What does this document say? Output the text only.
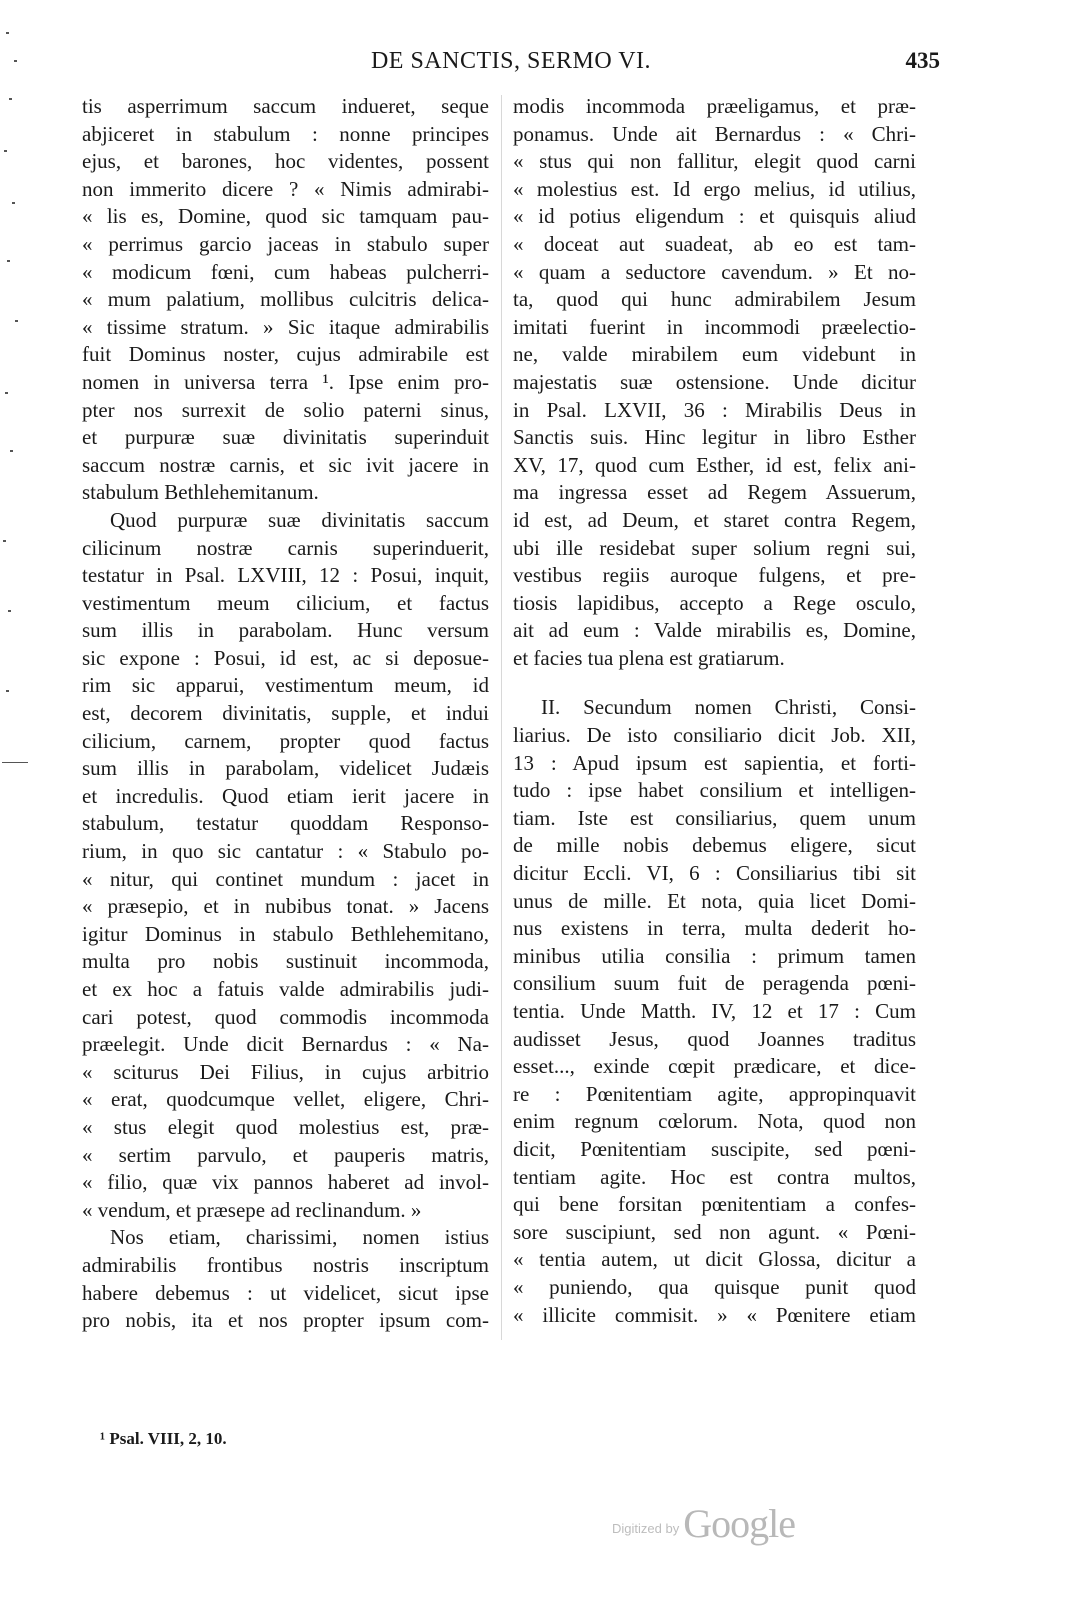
DE SANCTIS, SERMO VI.	435
tis asperrimum saccum indueret, seque
abjiceret in stabulum : nonne principes
ejus, et barones, hoc videntes, possent
non immerito dicere ? « Nimis admirabi-
« lis es, Domine, quod sic tamquam pau-
« perrimus garcio jaceas in stabulo super
« modicum fœni, cum habeas pulcherri-
« mum palatium, mollibus culcitris delica-
« tissime stratum. » Sic itaque admirabilis
fuit Dominus noster, cujus admirabile est
nomen in universa terra ¹. Ipse enim pro-
pter nos surrexit de solio paterni sinus,
et purpuræ suæ divinitatis superinduit
saccum nostræ carnis, et sic ivit jacere in
stabulum Bethlehemitanum.
Quod purpuræ suæ divinitatis saccum
cilicinum nostræ carnis superinduerit,
testatur in Psal. LXVIII, 12 : Posui, inquit,
vestimentum meum cilicium, et factus
sum illis in parabolam. Hunc versum
sic expone : Posui, id est, ac si deposue-
rim sic apparui, vestimentum meum, id
est, decorem divinitatis, supple, et indui
cilicium, carnem, propter quod factus
sum illis in parabolam, videlicet Judæis
et incredulis. Quod etiam ierit jacere in
stabulum, testatur quoddam Responso-
rium, in quo sic cantatur : « Stabulo po-
« nitur, qui continet mundum : jacet in
« præsepio, et in nubibus tonat. » Jacens
igitur Dominus in stabulo Bethlehemitano,
multa pro nobis sustinuit incommoda,
et ex hoc a fatuis valde admirabilis judi-
cari potest, quod commodis incommoda
præelegit. Unde dicit Bernardus : « Na-
« sciturus Dei Filius, in cujus arbitrio
« erat, quodcumque vellet, eligere, Chri-
« stus elegit quod molestius est, præ-
« sertim parvulo, et pauperis matris,
« filio, quæ vix pannos haberet ad invol-
« vendum, et præsepe ad reclinandum. »
Nos etiam, charissimi, nomen istius
admirabilis frontibus nostris inscriptum
habere debemus : ut videlicet, sicut ipse
pro nobis, ita et nos propter ipsum com-
modis incommoda præeligamus, et præ-
ponamus. Unde ait Bernardus : « Chri-
« stus qui non fallitur, elegit quod carni
« molestius est. Id ergo melius, id utilius,
« id potius eligendum : et quisquis aliud
« doceat aut suadeat, ab eo est tam-
« quam a seductore cavendum. » Et no-
ta, quod qui hunc admirabilem Jesum
imitati fuerint in incommodi præelectio-
ne, valde mirabilem eum videbunt in
majestatis suæ ostensione. Unde dicitur
in Psal. LXVII, 36 : Mirabilis Deus in
Sanctis suis. Hinc legitur in libro Esther
XV, 17, quod cum Esther, id est, felix ani-
ma ingressa esset ad Regem Assuerum,
id est, ad Deum, et staret contra Regem,
ubi ille residebat super solium regni sui,
vestibus regiis auroque fulgens, et pre-
tiosis lapidibus, accepto a Rege osculo,
ait ad eum : Valde mirabilis es, Domine,
et facies tua plena est gratiarum.
II. Secundum nomen Christi, Consi-
liarius. De isto consiliario dicit Job. XII,
13 : Apud ipsum est sapientia, et forti-
tudo : ipse habet consilium et intelligen-
tiam. Iste est consiliarius, quem unum
de mille nobis debemus eligere, sicut
dicitur Eccli. VI, 6 : Consiliarius tibi sit
unus de mille. Et nota, quia licet Domi-
nus existens in terra, multa dederit ho-
minibus utilia consilia : primum tamen
consilium suum fuit de peragenda pœni-
tentia. Unde Matth. IV, 12 et 17 : Cum
audisset Jesus, quod Joannes traditus
esset..., exinde cœpit prædicare, et dice-
re : Pœnitentiam agite, appropinquavit
enim regnum cœlorum. Nota, quod non
dicit, Pœnitentiam suscipite, sed pœni-
tentiam agite. Hoc est contra multos,
qui bene forsitan pœnitentiam a confes-
sore suscipiunt, sed non agunt. « Pœni-
« tentia autem, ut dicit Glossa, dicitur a
« puniendo, qua quisque punit quod
« illicite commisit. » « Pœnitere etiam
¹ Psal. VIII, 2, 10.
$^{Digitized by}$ Google
